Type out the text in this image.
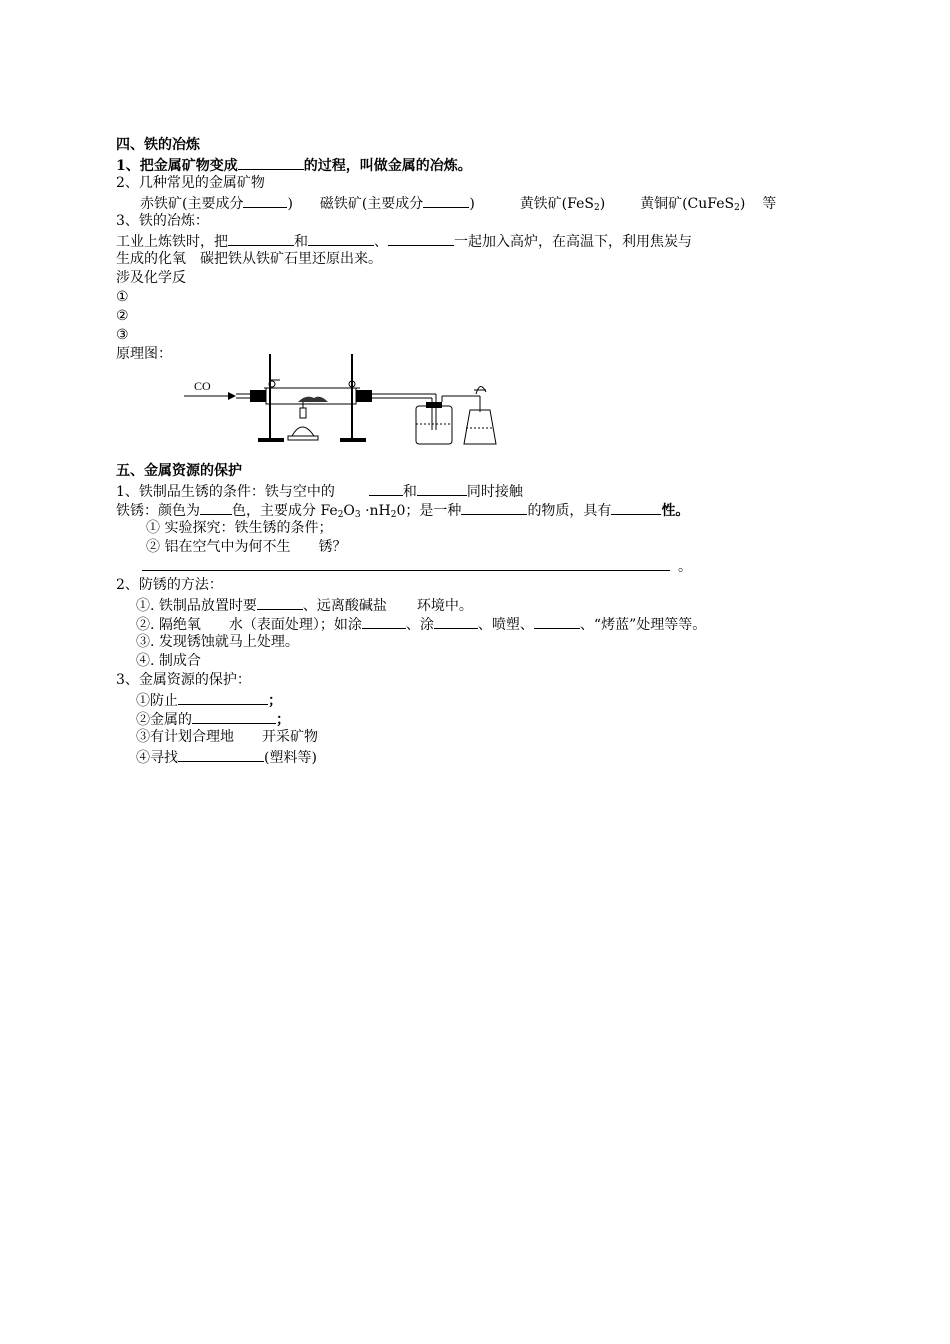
四、铁的冶炼
1、把金属矿物变成	的过程，叫做金属的冶炼。
2、几种常见的金属矿物
赤铁矿(主要成分	) 磁铁矿(主要成分	)	黄铁矿(FeS$_2$) 黄铜矿(CuFeS$_2$) 等
3、铁的冶炼：
工业上炼铁时，把	和	、	一起加入高炉，在高温下，利用焦炭与
生成的化氧　碳把铁从铁矿石里还原出来。
涉及化学反
①
②
③
原理图：
CO
五、金属资源的保护
1、铁制品生锈的条件：铁与空中的	和	同时接触
铁锈：颜色为 色，主要成分 $Fe_2O_3 \cdot nH_20$；是一种	的物质，具有	性。
① 实验探究：铁生锈的条件；
② 铝在空气中为何不生　　锈？
。
2、防锈的方法：
①. 铁制品放置时要	、远离酸碱盐 环境中。
②. 隔绝氧　　水（表面处理）；如涂	、涂	、喷塑、	、“烤蓝”处理等等。
③. 发现锈蚀就马上处理。
④. 制成合
3、金属资源的保护：
①防止	；
②金属的	；
③有计划合理地　　开采矿物
④寻找	(塑料等)
